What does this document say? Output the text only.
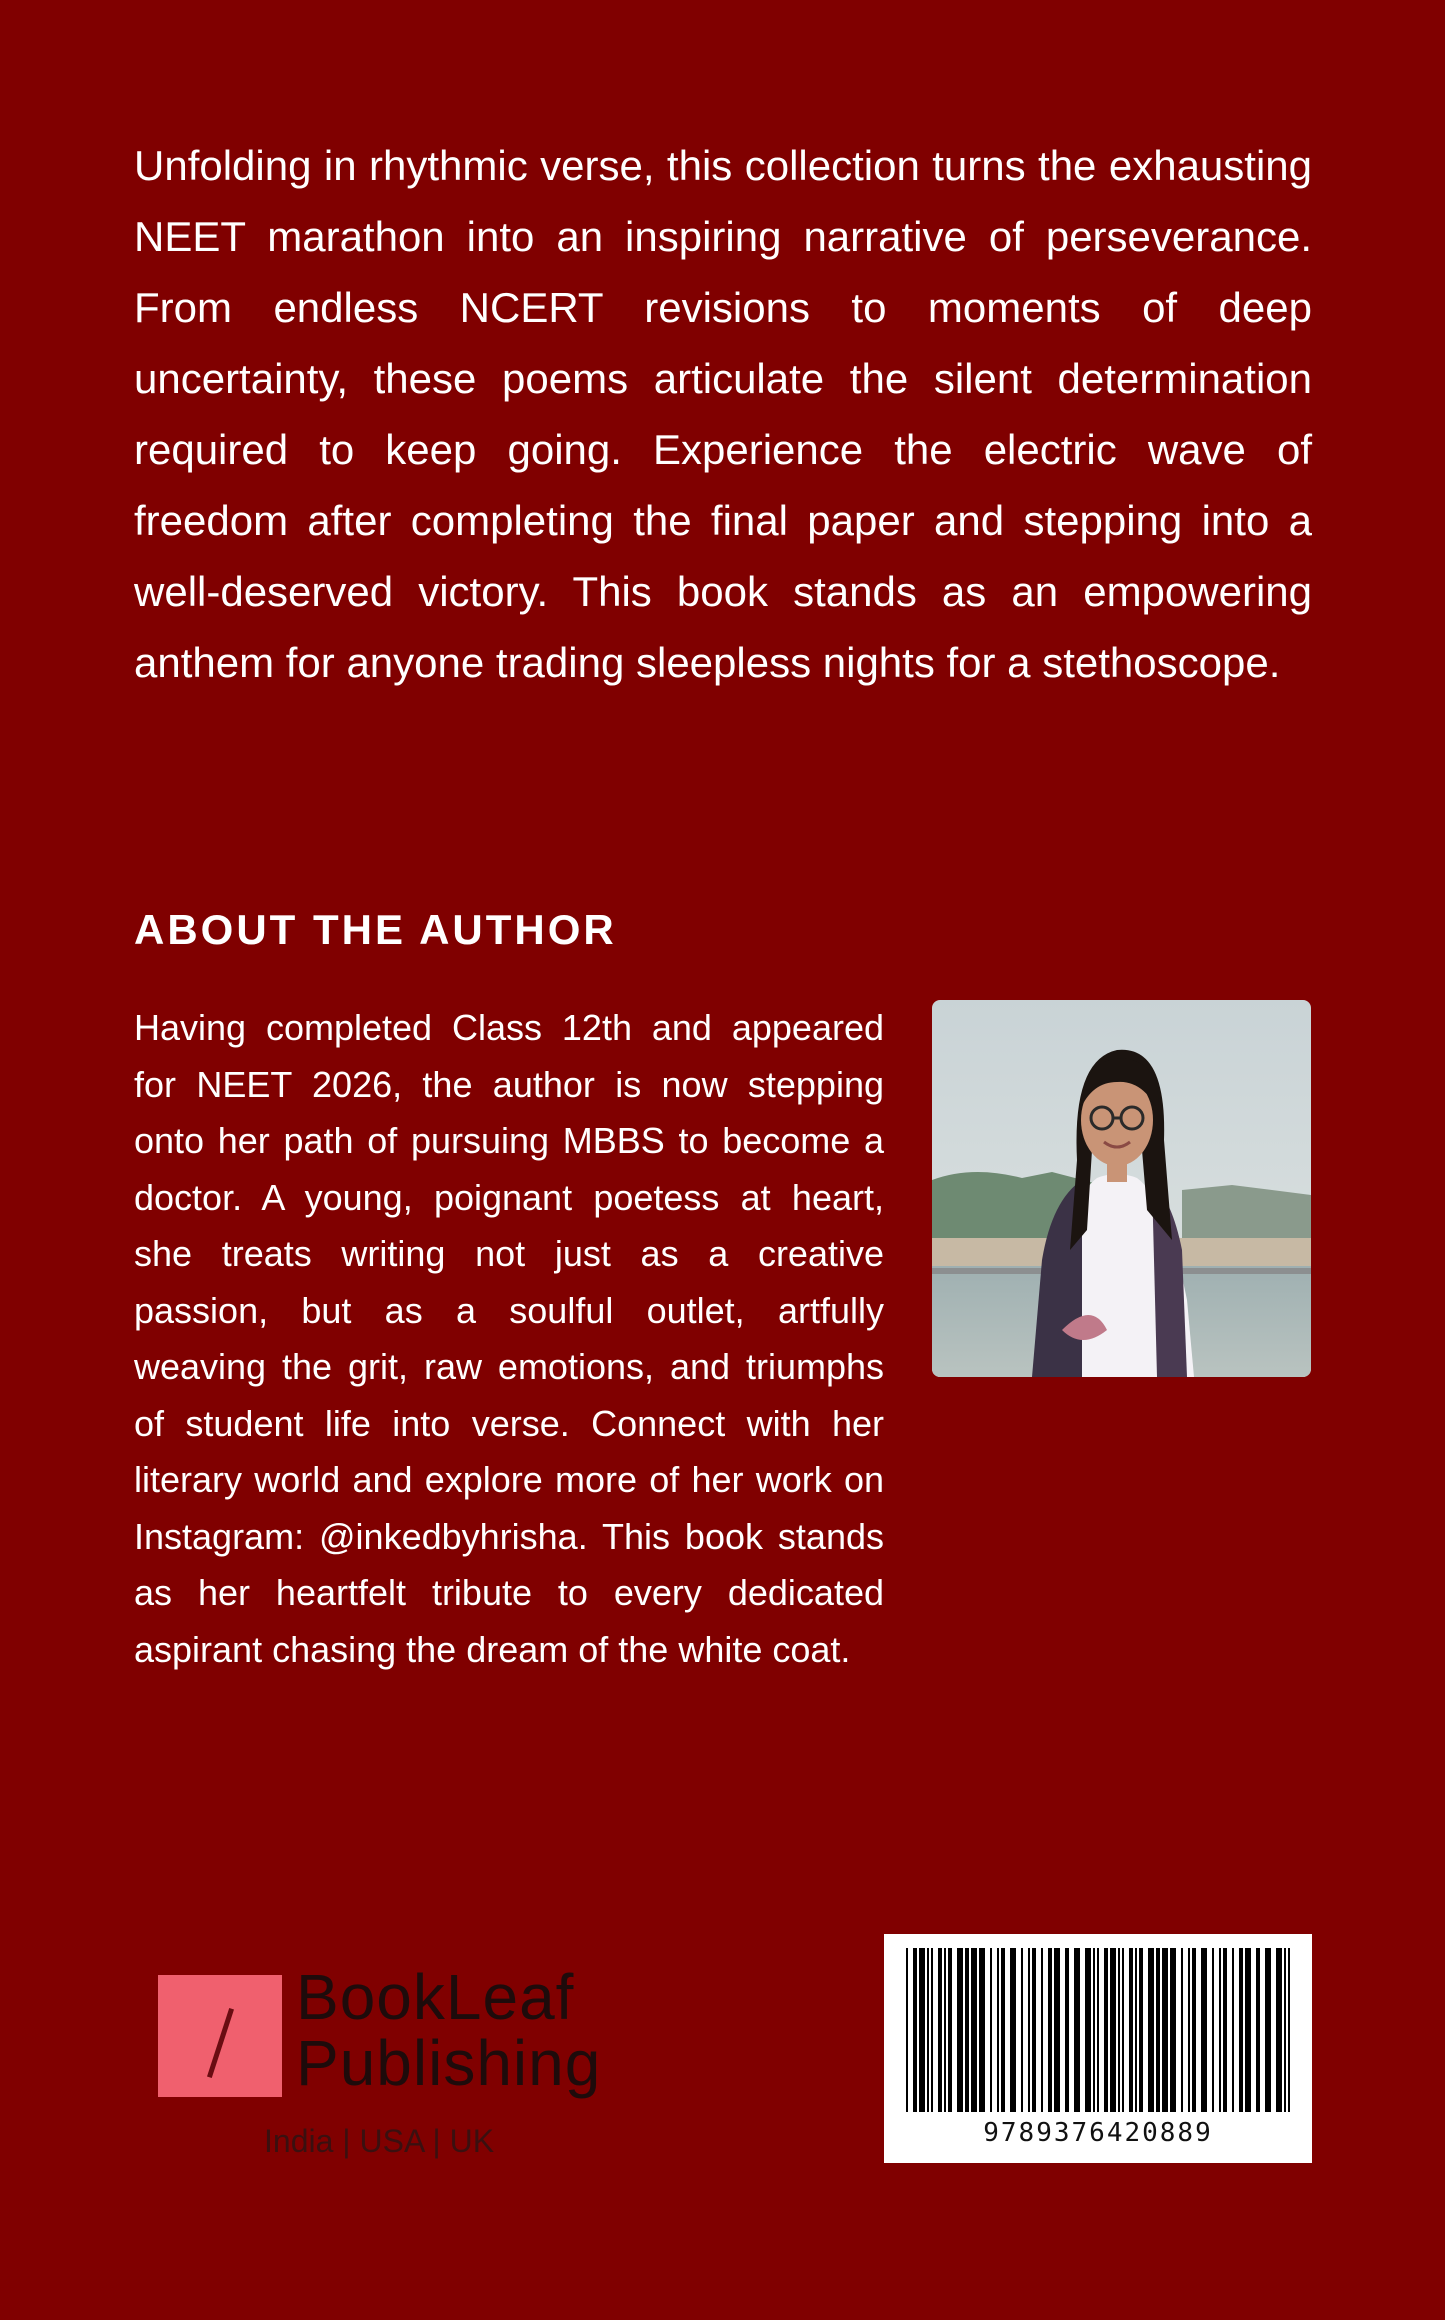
Unfolding in rhythmic verse, this collection turns the exhausting NEET marathon into an inspiring narrative of perseverance. From endless NCERT revisions to moments of deep uncertainty, these poems articulate the silent determination required to keep going. Experience the electric wave of freedom after completing the final paper and stepping into a well-deserved victory. This book stands as an empowering anthem for anyone trading sleepless nights for a stethoscope.

ABOUT THE AUTHOR

Having completed Class 12th and appeared for NEET 2026, the author is now stepping onto her path of pursuing MBBS to become a doctor. A young, poignant poetess at heart, she treats writing not just as a creative passion, but as a soulful outlet, artfully weaving the grit, raw emotions, and triumphs of student life into verse. Connect with her literary world and explore more of her work on Instagram: @inkedbyhrisha. This book stands as her heartfelt tribute to every dedicated aspirant chasing the dream of the white coat.

BookLeaf
Publishing
India | USA | UK	9789376420889
